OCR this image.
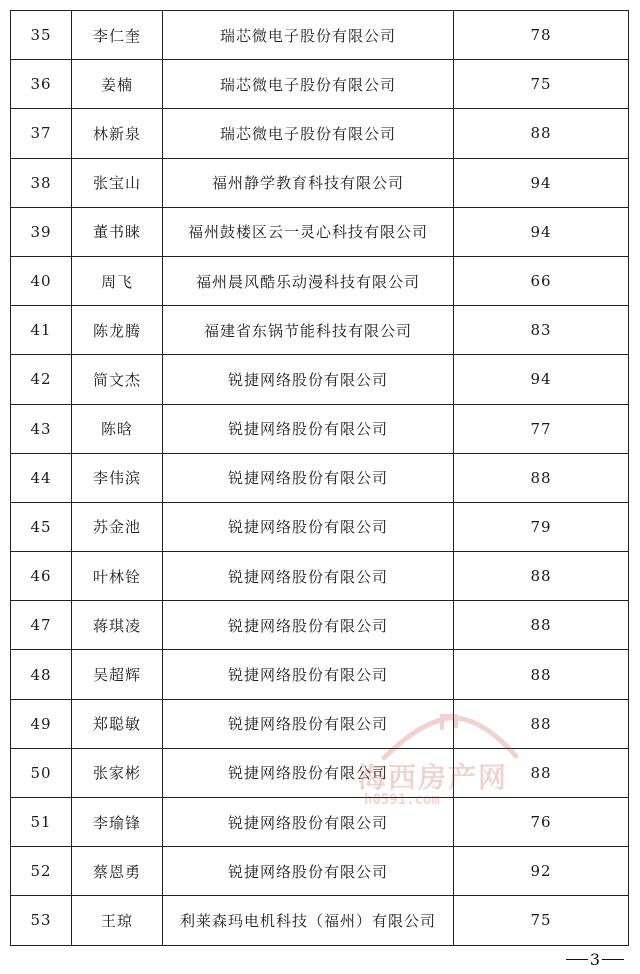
35	李仁奎	瑞芯微电子股份有限公司	78
36	姜楠	瑞芯微电子股份有限公司	75
37	林新泉	瑞芯微电子股份有限公司	88
38	张宝山	福州静学教育科技有限公司	94
39	董书睐	福州鼓楼区云一灵心科技有限公司	94
40	周飞	福州晨风酷乐动漫科技有限公司	66
41	陈龙腾	福建省东锅节能科技有限公司	83
42	简文杰	锐捷网络股份有限公司	94
43	陈晗	锐捷网络股份有限公司	77
44	李伟滨	锐捷网络股份有限公司	88
45	苏金池	锐捷网络股份有限公司	79
46	叶林铨	锐捷网络股份有限公司	88
47	蒋琪凌	锐捷网络股份有限公司	88
48	吴超辉	锐捷网络股份有限公司	88
49	郑聪敏	锐捷网络股份有限公司	88
50	张家彬	锐捷网络股份有限公司	88
51	李瑜锋	锐捷网络股份有限公司	76
52	蔡恩勇	锐捷网络股份有限公司	92
53	王琼	利莱森玛电机科技（福州）有限公司	75
海西房产网
h0591.com
3
